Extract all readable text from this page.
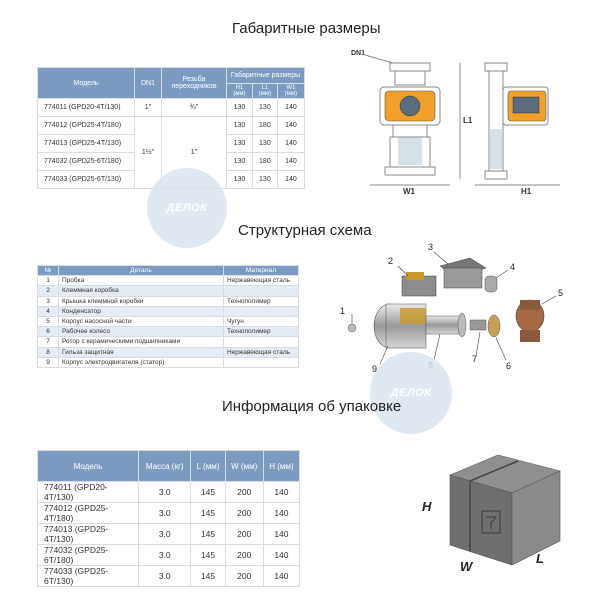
Габаритные размеры
Модель	DN1	Резьба переходников	Габаритные размеры		
			H1 (мм)	L1 (мм)	W1 (мм)
774011 (GPD20-4T/130)	1"	¾"	130	130	140
774012 (GPD25-4T/180)	1½"	1"	130	180	140
774013 (GPD25-4T/130)			130	130	140
774032 (GPD25-6T/180)			130	180	140
774033 (GPD25-6T/130)			130	130	140
DN1
L1
W1	H1
ДЕЛОК
Структурная схема
№	Деталь	Материал
1	Пробка	Нержавеющая сталь
2	Клеммная коробка	
3	Крышка клеммной коробки	Технополимер
4	Конденсатор	
5	Корпус насосной части	Чугун
6	Рабочее колесо	Технополимер
7	Ротор с керамическими подшипниками	
8	Гильза защитная	Нержавеющая сталь
9	Корпус электродвигателя (статор)	
1
2
3
4
5
6
7
9
ДЕЛОК
Информация об упаковке
Модель	Масса (кг)	L (мм)	W (мм)	H (мм)
774011 (GPD20-4T/130)	3.0	145	200	140
774012 (GPD25-4T/180)	3.0	145	200	140
774013 (GPD25-4T/130)	3.0	145	200	140
774032 (GPD25-6T/180)	3.0	145	200	140
774033 (GPD25-6T/130)	3.0	145	200	140
H
W
L
